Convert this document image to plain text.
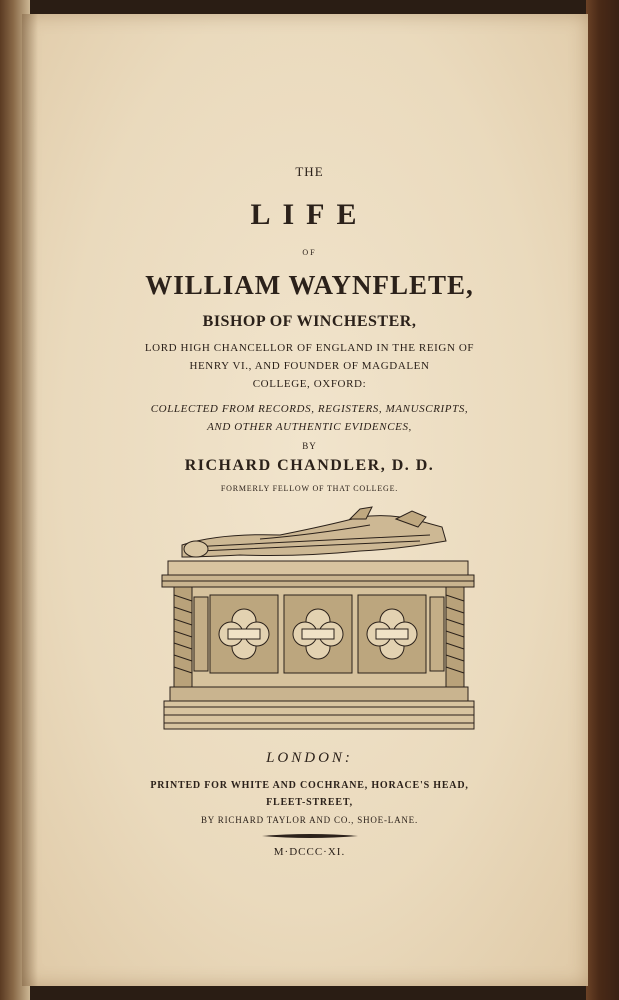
THE
LIFE
OF
WILLIAM WAYNFLETE,
BISHOP OF WINCHESTER,
LORD HIGH CHANCELLOR OF ENGLAND IN THE REIGN OF
HENRY VI., AND FOUNDER OF MAGDALEN
COLLEGE, OXFORD:
COLLECTED FROM RECORDS, REGISTERS, MANUSCRIPTS,
AND OTHER AUTHENTIC EVIDENCES,
BY
RICHARD CHANDLER, D. D.
FORMERLY FELLOW OF THAT COLLEGE.
LONDON:
PRINTED FOR WHITE AND COCHRANE, HORACE'S HEAD,
FLEET-STREET,
BY RICHARD TAYLOR AND CO., SHOE-LANE.
M·DCCC·XI.
